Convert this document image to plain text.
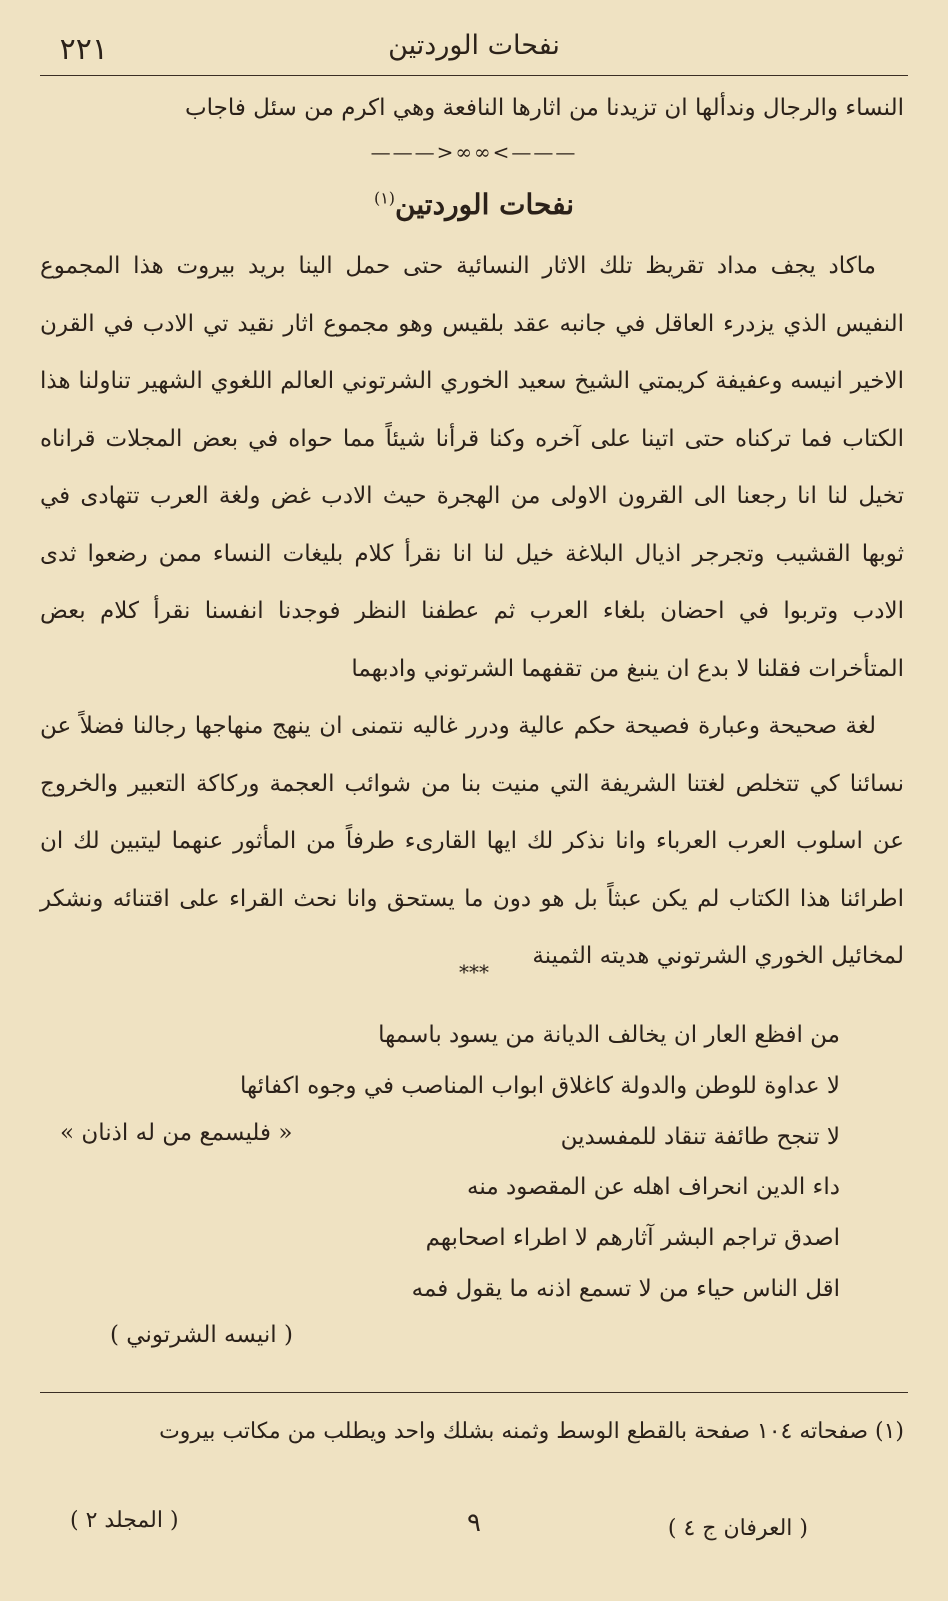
٢٢١	نفحات الوردتين
النساء والرجال وندألها ان تزيدنا من اثارها النافعة وهي اكرم من سئل فاجاب
———>∞∞<———
نفحات الوردتين$^{(١)}$

ماكاد يجف مداد تقريظ تلك الاثار النسائية حتى حمل الينا بريد بيروت هذا المجموع النفيس الذي يزدرء العاقل في جانبه عقد بلقيس وهو مجموع اثار نقيد تي الادب في القرن الاخير انيسه وعفيفة كريمتي الشيخ سعيد الخوري الشرتوني العالم اللغوي الشهير تناولنا هذا الكتاب فما تركناه حتى اتينا على آخره وكنا قرأنا شيئاً مما حواه في بعض المجلات قراناه تخيل لنا انا رجعنا الى القرون الاولى من الهجرة حيث الادب غض ولغة العرب تتهادى في ثوبها القشيب وتجرجر اذيال البلاغة خيل لنا انا نقرأ كلام بليغات النساء ممن رضعوا ثدى الادب وتربوا في احضان بلغاء العرب ثم عطفنا النظر فوجدنا انفسنا نقرأ كلام بعض المتأخرات فقلنا لا بدع ان ينبغ من تقفهما الشرتوني وادبهما

لغة صحيحة وعبارة فصيحة حكم عالية ودرر غاليه نتمنى ان ينهج منهاجها رجالنا فضلاً عن نسائنا كي تتخلص لغتنا الشريفة التي منيت بنا من شوائب العجمة وركاكة التعبير والخروج عن اسلوب العرب العرباء وانا نذكر لك ايها القارىء طرفاً من المأثور عنهما ليتبين لك ان اطرائنا هذا الكتاب لم يكن عبثاً بل هو دون ما يستحق وانا نحث القراء على اقتنائه ونشكر لمخائيل الخوري الشرتوني هديته الثمينة

***
من افظع العار ان يخالف الديانة من يسود باسمها
لا عداوة للوطن والدولة كاغلاق ابواب المناصب في وجوه اكفائها
لا تنجح طائفة تنقاد للمفسدين
داء الدين انحراف اهله عن المقصود منه
اصدق تراجم البشر آثارهم لا اطراء اصحابهم
اقل الناس حياء من لا تسمع اذنه ما يقول فمه
« فليسمع من له اذنان »
( انيسه الشرتوني )
(١) صفحاته ١٠٤ صفحة بالقطع الوسط وثمنه بشلك واحد ويطلب من مكاتب بيروت
( العرفان ج ٤ )
٩
( المجلد ٢ )
